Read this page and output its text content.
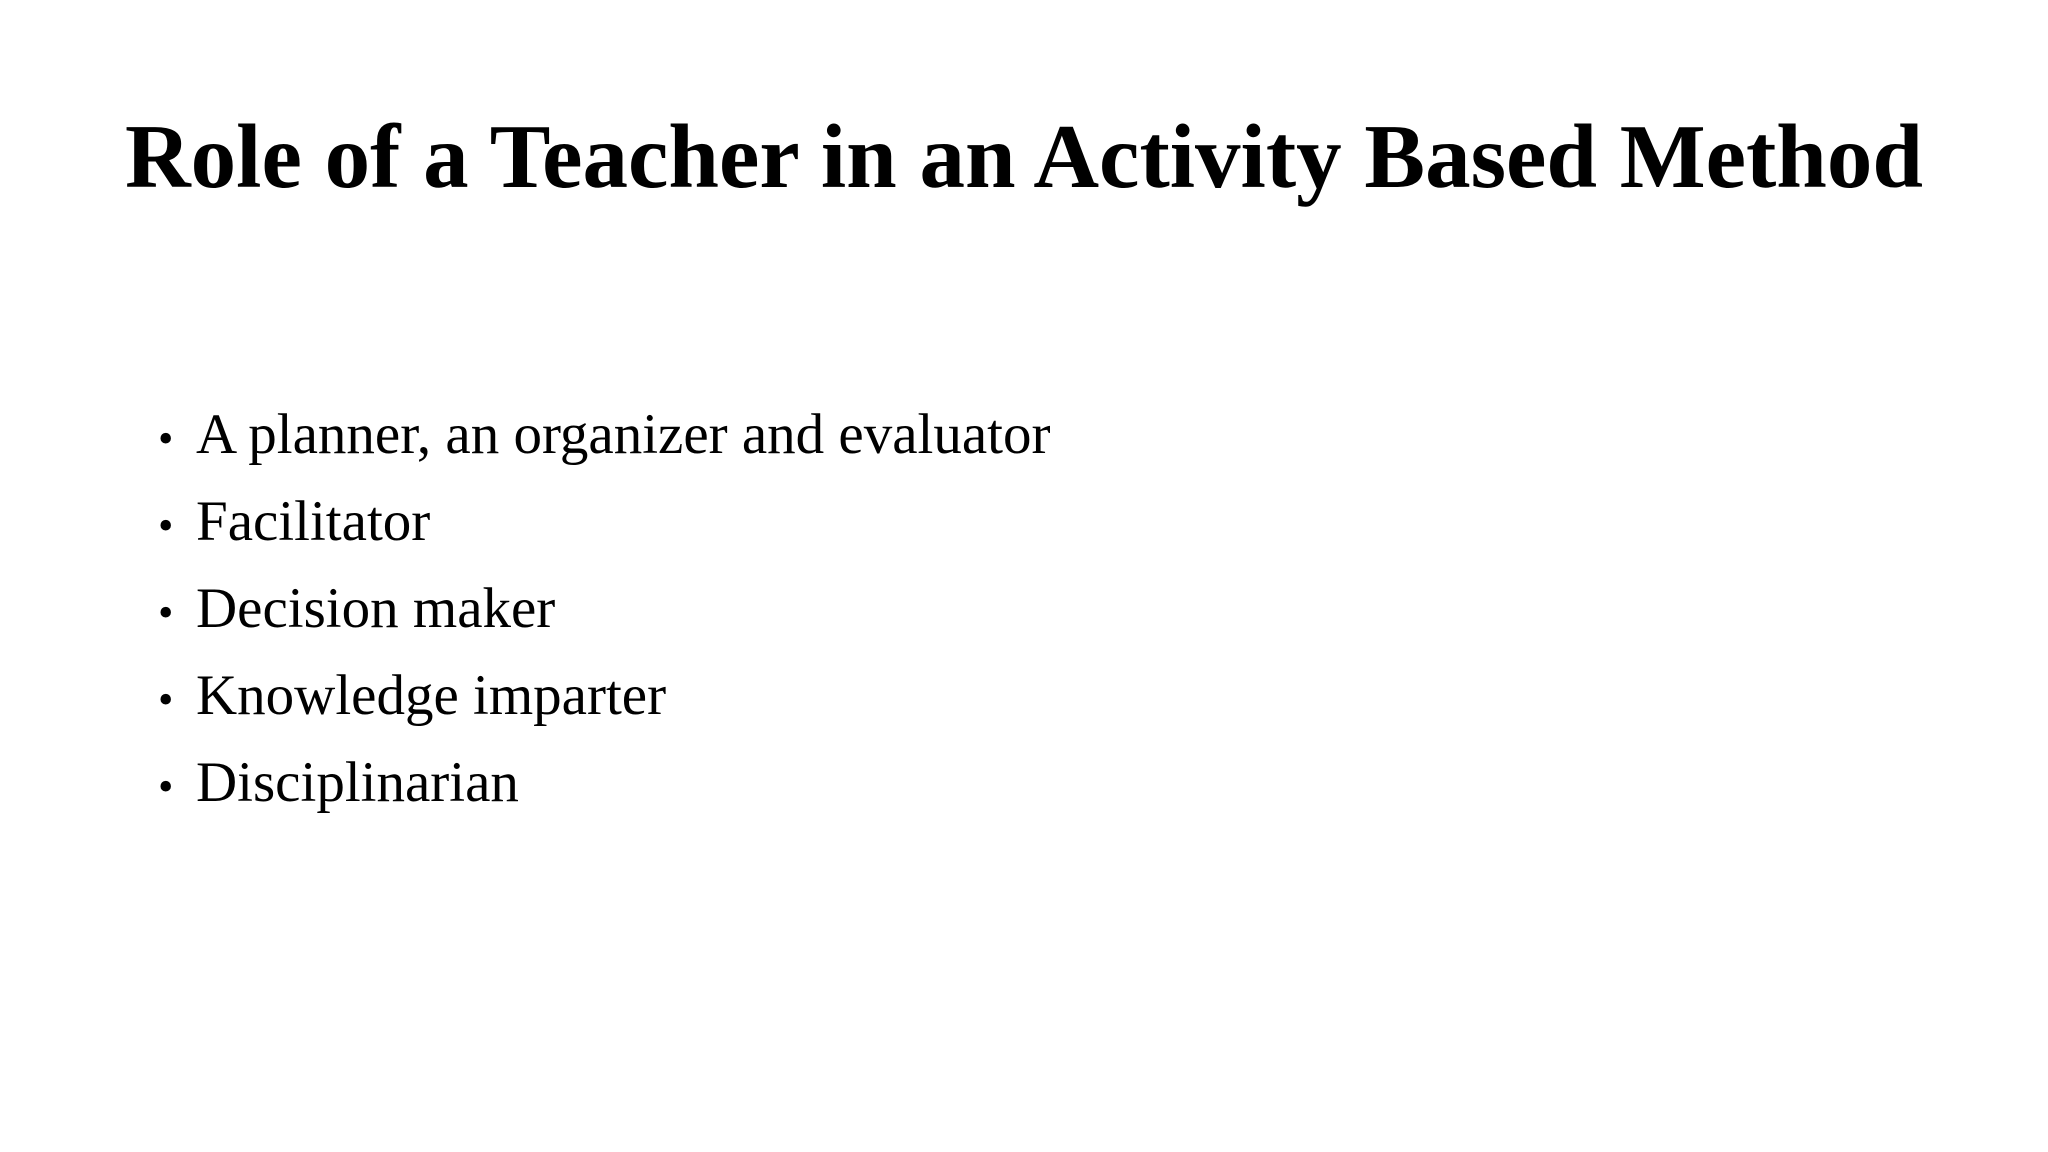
Role of a Teacher in an Activity Based Method
• A planner, an organizer and evaluator
• Facilitator
• Decision maker
• Knowledge imparter
• Disciplinarian
